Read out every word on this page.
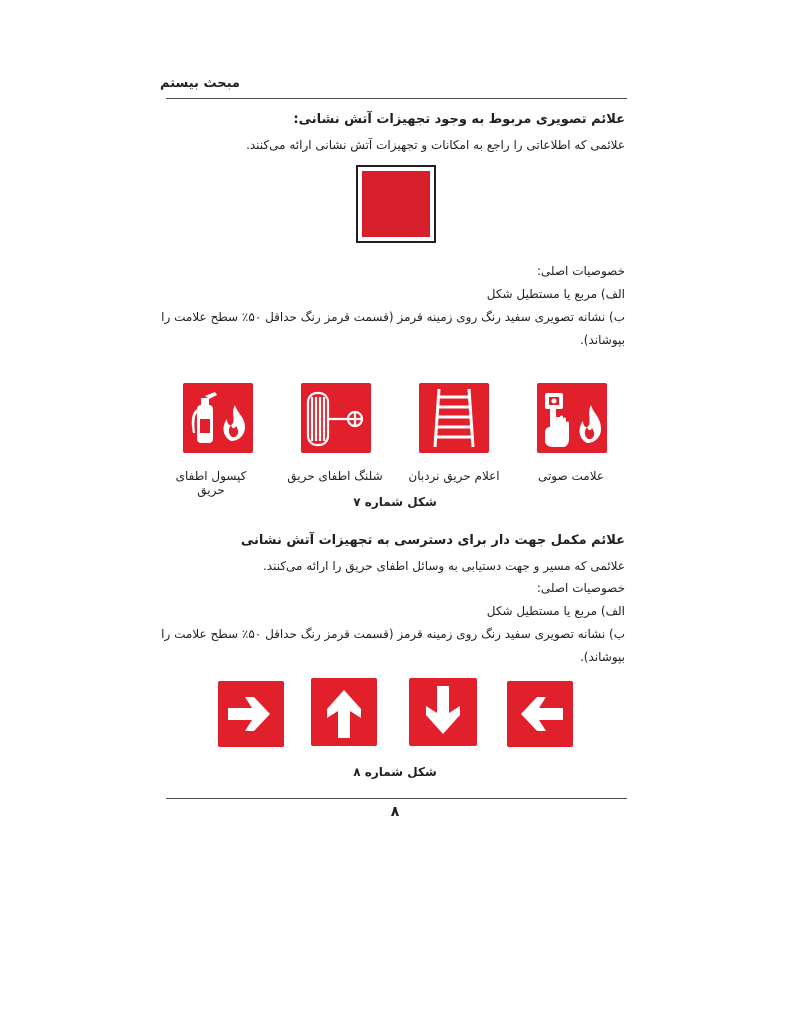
مبحث بیستم
علائم تصویری مربوط به وجود تجهیزات آتش نشانی:
علائمی که اطلاعاتی را راجع به امکانات و تجهیزات آتش نشانی ارائه می‌کنند.
خصوصیات اصلی:
الف) مربع یا مستطیل شکل
ب) نشانه تصویری سفید رنگ روی زمینه قرمز (قسمت قرمز رنگ حداقل ۵۰٪ سطح علامت را
بپوشاند).
کپسول اطفای حریق
شلنگ اطفای حریق	اعلام حریق نردبان	علامت صوتی
شکل شماره ۷
علائم مکمل جهت دار برای دسترسی به تجهیزات آتش نشانی
علائمی که مسیر و جهت دستیابی به وسائل اطفای حریق را ارائه می‌کنند.
خصوصیات اصلی:
الف) مربع یا مستطیل شکل
ب) نشانه تصویری سفید رنگ روی زمینه قرمز (قسمت قرمز رنگ حداقل ۵۰٪ سطح علامت را
بپوشاند).
شکل شماره ۸
۸
